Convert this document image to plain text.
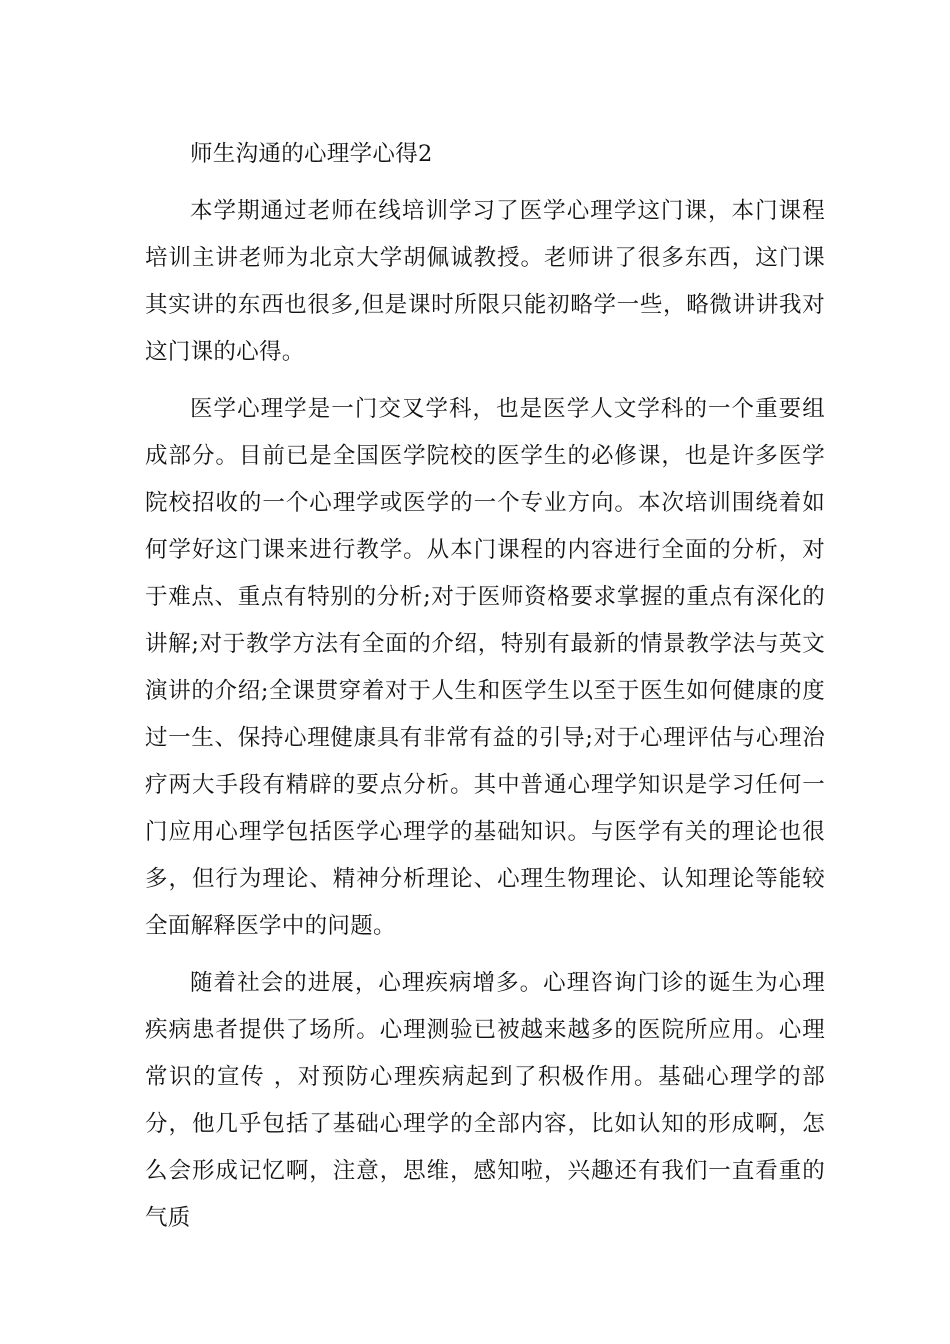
师生沟通的心理学心得2

本学期通过老师在线培训学习了医学心理学这门课，本门课程培训主讲老师为北京大学胡佩诚教授。老师讲了很多东西，这门课其实讲的东西也很多,但是课时所限只能初略学一些，略微讲讲我对这门课的心得。

医学心理学是一门交叉学科，也是医学人文学科的一个重要组成部分。目前已是全国医学院校的医学生的必修课，也是许多医学院校招收的一个心理学或医学的一个专业方向。本次培训围绕着如何学好这门课来进行教学。从本门课程的内容进行全面的分析，对于难点、重点有特别的分析;对于医师资格要求掌握的重点有深化的讲解;对于教学方法有全面的介绍，特别有最新的情景教学法与英文演讲的介绍;全课贯穿着对于人生和医学生以至于医生如何健康的度过一生、保持心理健康具有非常有益的引导;对于心理评估与心理治疗两大手段有精辟的要点分析。其中普通心理学知识是学习任何一门应用心理学包括医学心理学的基础知识。与医学有关的理论也很多，但行为理论、精神分析理论、心理生物理论、认知理论等能较全面解释医学中的问题。

随着社会的进展，心理疾病增多。心理咨询门诊的诞生为心理疾病患者提供了场所。心理测验已被越来越多的医院所应用。心理常识的宣传 ，对预防心理疾病起到了积极作用。基础心理学的部分，他几乎包括了基础心理学的全部内容，比如认知的形成啊，怎么会形成记忆啊，注意，思维，感知啦，兴趣还有我们一直看重的气质
